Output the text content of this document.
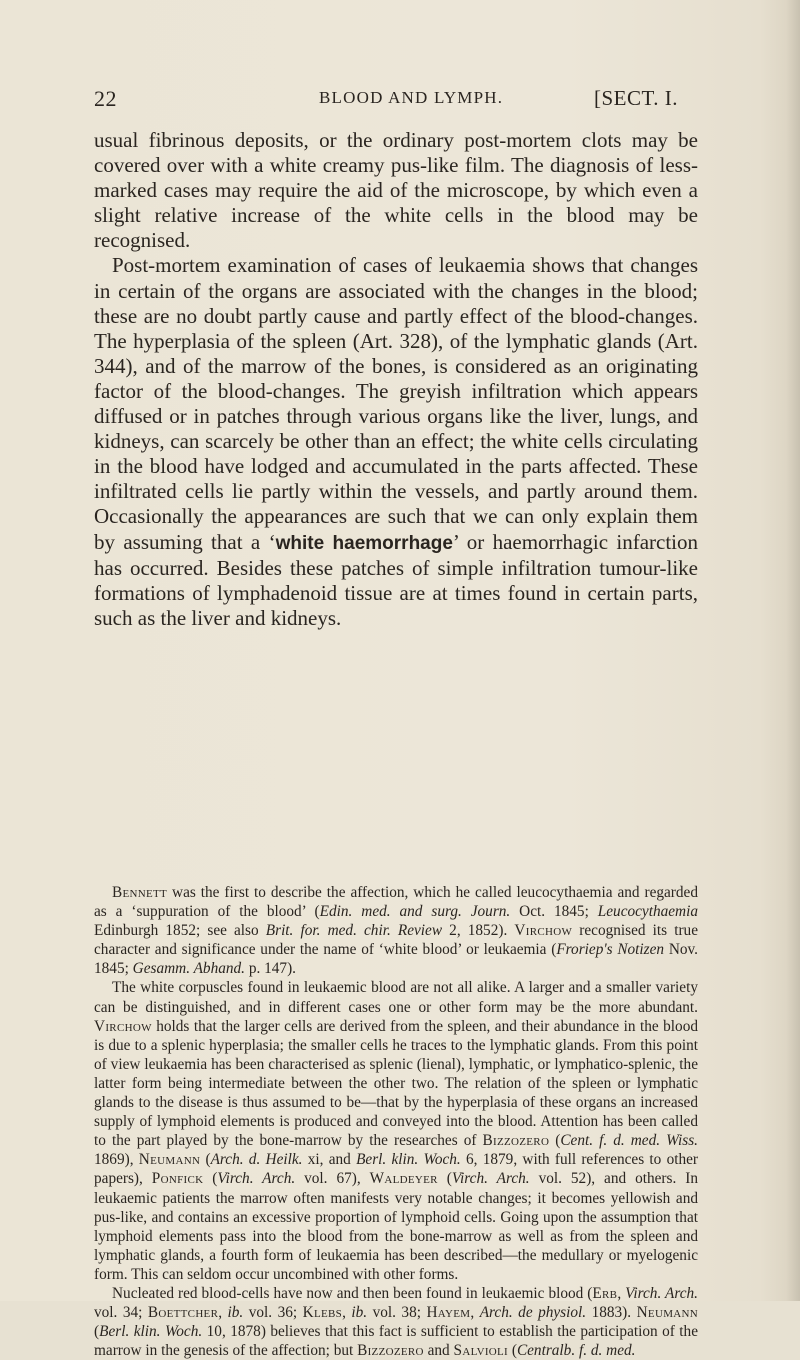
22	BLOOD AND LYMPH.	[SECT. I.

usual fibrinous deposits, or the ordinary post-mortem clots may be covered over with a white creamy pus-like film. The diagnosis of less-marked cases may require the aid of the microscope, by which even a slight relative increase of the white cells in the blood may be recognised.

Post-mortem examination of cases of leukaemia shows that changes in certain of the organs are associated with the changes in the blood; these are no doubt partly cause and partly effect of the blood-changes. The hyperplasia of the spleen (Art. 328), of the lymphatic glands (Art. 344), and of the marrow of the bones, is considered as an originating factor of the blood-changes. The greyish infiltration which appears diffused or in patches through various organs like the liver, lungs, and kidneys, can scarcely be other than an effect; the white cells circulating in the blood have lodged and accumulated in the parts affected. These infiltrated cells lie partly within the vessels, and partly around them. Occasionally the appearances are such that we can only explain them by assuming that a ‘white haemorrhage’ or haemorrhagic infarction has occurred. Besides these patches of simple infiltration tumour-like formations of lymphadenoid tissue are at times found in certain parts, such as the liver and kidneys.

Bennett was the first to describe the affection, which he called leucocythaemia and regarded as a ‘suppuration of the blood’ (Edin. med. and surg. Journ. Oct. 1845; Leucocythaemia Edinburgh 1852; see also Brit. for. med. chir. Review 2, 1852). Virchow recognised its true character and significance under the name of ‘white blood’ or leukaemia (Froriep's Notizen Nov. 1845; Gesamm. Abhand. p. 147).

The white corpuscles found in leukaemic blood are not all alike. A larger and a smaller variety can be distinguished, and in different cases one or other form may be the more abundant. Virchow holds that the larger cells are derived from the spleen, and their abundance in the blood is due to a splenic hyperplasia; the smaller cells he traces to the lymphatic glands. From this point of view leukaemia has been characterised as splenic (lienal), lymphatic, or lymphatico-splenic, the latter form being intermediate between the other two. The relation of the spleen or lymphatic glands to the disease is thus assumed to be—that by the hyperplasia of these organs an increased supply of lymphoid elements is produced and conveyed into the blood. Attention has been called to the part played by the bone-marrow by the researches of Bizzozero (Cent. f. d. med. Wiss. 1869), Neumann (Arch. d. Heilk. xi, and Berl. klin. Woch. 6, 1879, with full references to other papers), Ponfick (Virch. Arch. vol. 67), Waldeyer (Virch. Arch. vol. 52), and others. In leukaemic patients the marrow often manifests very notable changes; it becomes yellowish and pus-like, and contains an excessive proportion of lymphoid cells. Going upon the assumption that lymphoid elements pass into the blood from the bone-marrow as well as from the spleen and lymphatic glands, a fourth form of leukaemia has been described—the medullary or myelogenic form. This can seldom occur uncombined with other forms.

Nucleated red blood-cells have now and then been found in leukaemic blood (Erb, Virch. Arch. vol. 34; Boettcher, ib. vol. 36; Klebs, ib. vol. 38; Hayem, Arch. de physiol. 1883). Neumann (Berl. klin. Woch. 10, 1878) believes that this fact is sufficient to establish the participation of the marrow in the genesis of the affection; but Bizzozero and Salvioli (Centralb. f. d. med.
